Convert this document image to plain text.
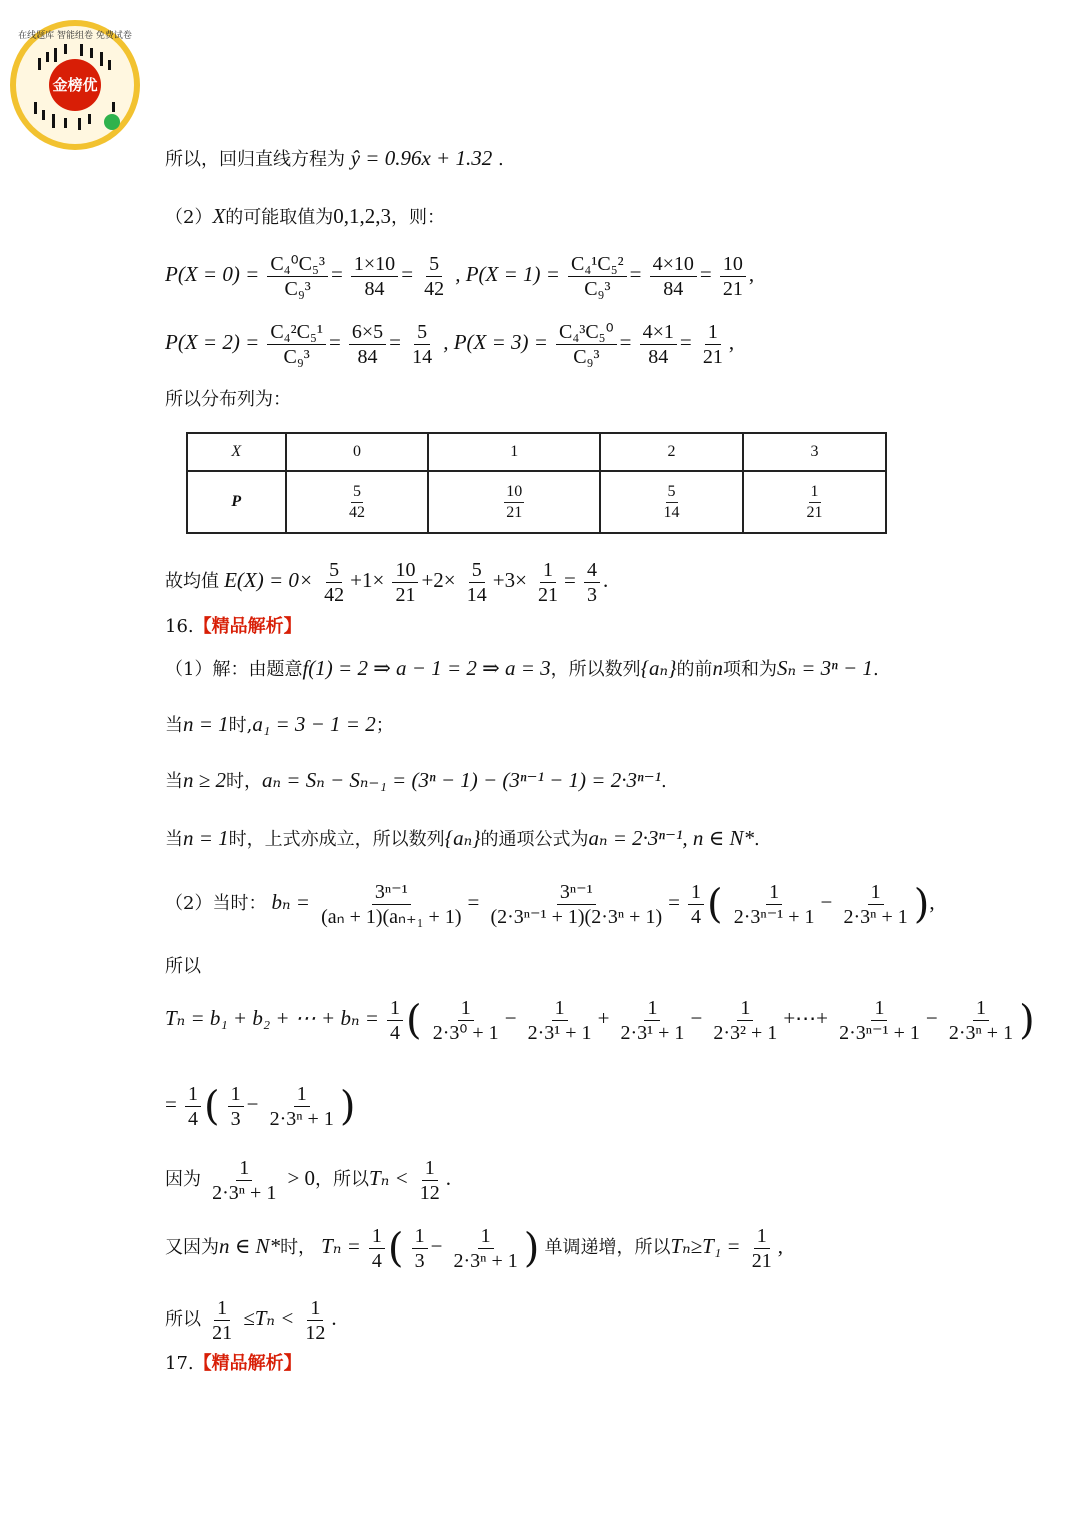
在线题库 智能组卷 免费试卷
金榜优
所以，回归直线方程为 ŷ = 0.96x + 1.32 .
（2）X的可能取值为0,1,2,3，则：
$P(X = 0) = \frac{\text{C₄⁰C₅³}}{\text{C₉³}} = \frac{1\times 10}{84} = \frac{5}{42}$ , $P(X = 1) = \frac{\text{C₄¹C₅²}}{\text{C₉³}} = \frac{4\times 10}{84} = \frac{10}{21}$ ,
$P(X = 2) = \frac{\text{C₄²C₅¹}}{\text{C₉³}} = \frac{6\times 5}{84} = \frac{5}{14}$ , $P(X = 3) = \frac{\text{C₄³C₅⁰}}{\text{C₉³}} = \frac{4\times 1}{84} = \frac{1}{21}$ ,
所以分布列为：
X	0	1	2	3
P	$\frac{5}{42}$	$\frac{10}{21}$	$\frac{5}{14}$	$\frac{1}{21}$
故均值 $E(X) = 0\times \frac{5}{42} +1\times \frac{10}{21} +2\times \frac{5}{14} +3\times \frac{1}{21} = \frac{4}{3}$ .
16.【精品解析】
（1）解：由题意f(1) = 2 ⇒ a − 1 = 2 ⇒ a = 3，所以数列{aₙ}的前n项和为Sₙ = 3ⁿ − 1.
当n = 1时,a₁ = 3 − 1 = 2；
当n ≥ 2时，aₙ = Sₙ − Sₙ₋₁ = (3ⁿ − 1) − (3ⁿ⁻¹ − 1) = 2·3ⁿ⁻¹.
当n = 1时，上式亦成立，所以数列{aₙ}的通项公式为aₙ = 2·3ⁿ⁻¹, n ∈ N*.
（2）当时： $b_n = \frac{\text{3ⁿ⁻¹}}{\text{(aₙ + 1)(aₙ₊₁ + 1)}} = \frac{\text{3ⁿ⁻¹}}{\text{(2·3ⁿ⁻¹ + 1)(2·3ⁿ + 1)}} = \frac{1}{4}$ ( $\frac{1}{\text{2·3ⁿ⁻¹ + 1}} - \frac{1}{\text{2·3ⁿ + 1}}$ ),
所以
Tₙ = b₁ + b₂ + ⋯ + $b_n = \frac{1}{4}$ ( $\frac{1}{\text{2·3⁰ + 1}} - \frac{1}{\text{2·3¹ + 1}} + \frac{1}{\text{2·3¹ + 1}} - \frac{1}{\text{2·3² + 1}}$ +⋯+ $\frac{1}{\text{2·3ⁿ⁻¹ + 1}} - \frac{1}{\text{2·3ⁿ + 1}}$ )
= $\frac{1}{4}$ ( $\frac{1}{3} - \frac{1}{\text{2·3ⁿ + 1}}$ )
因为 $\frac{1}{\text{2·3ⁿ + 1}} > 0$，所以$T_n < \frac{1}{12}$ .
又因为n ∈ N*时， $T_n = \frac{1}{4}$ ( $\frac{1}{3} - \frac{1}{\text{2·3ⁿ + 1}}$ ) 单调递增，所以$T_n\ge T_1 = \frac{1}{21}$ ,
所以 $\frac{1}{21} \le T_n < \frac{1}{12}$ .
17.【精品解析】
